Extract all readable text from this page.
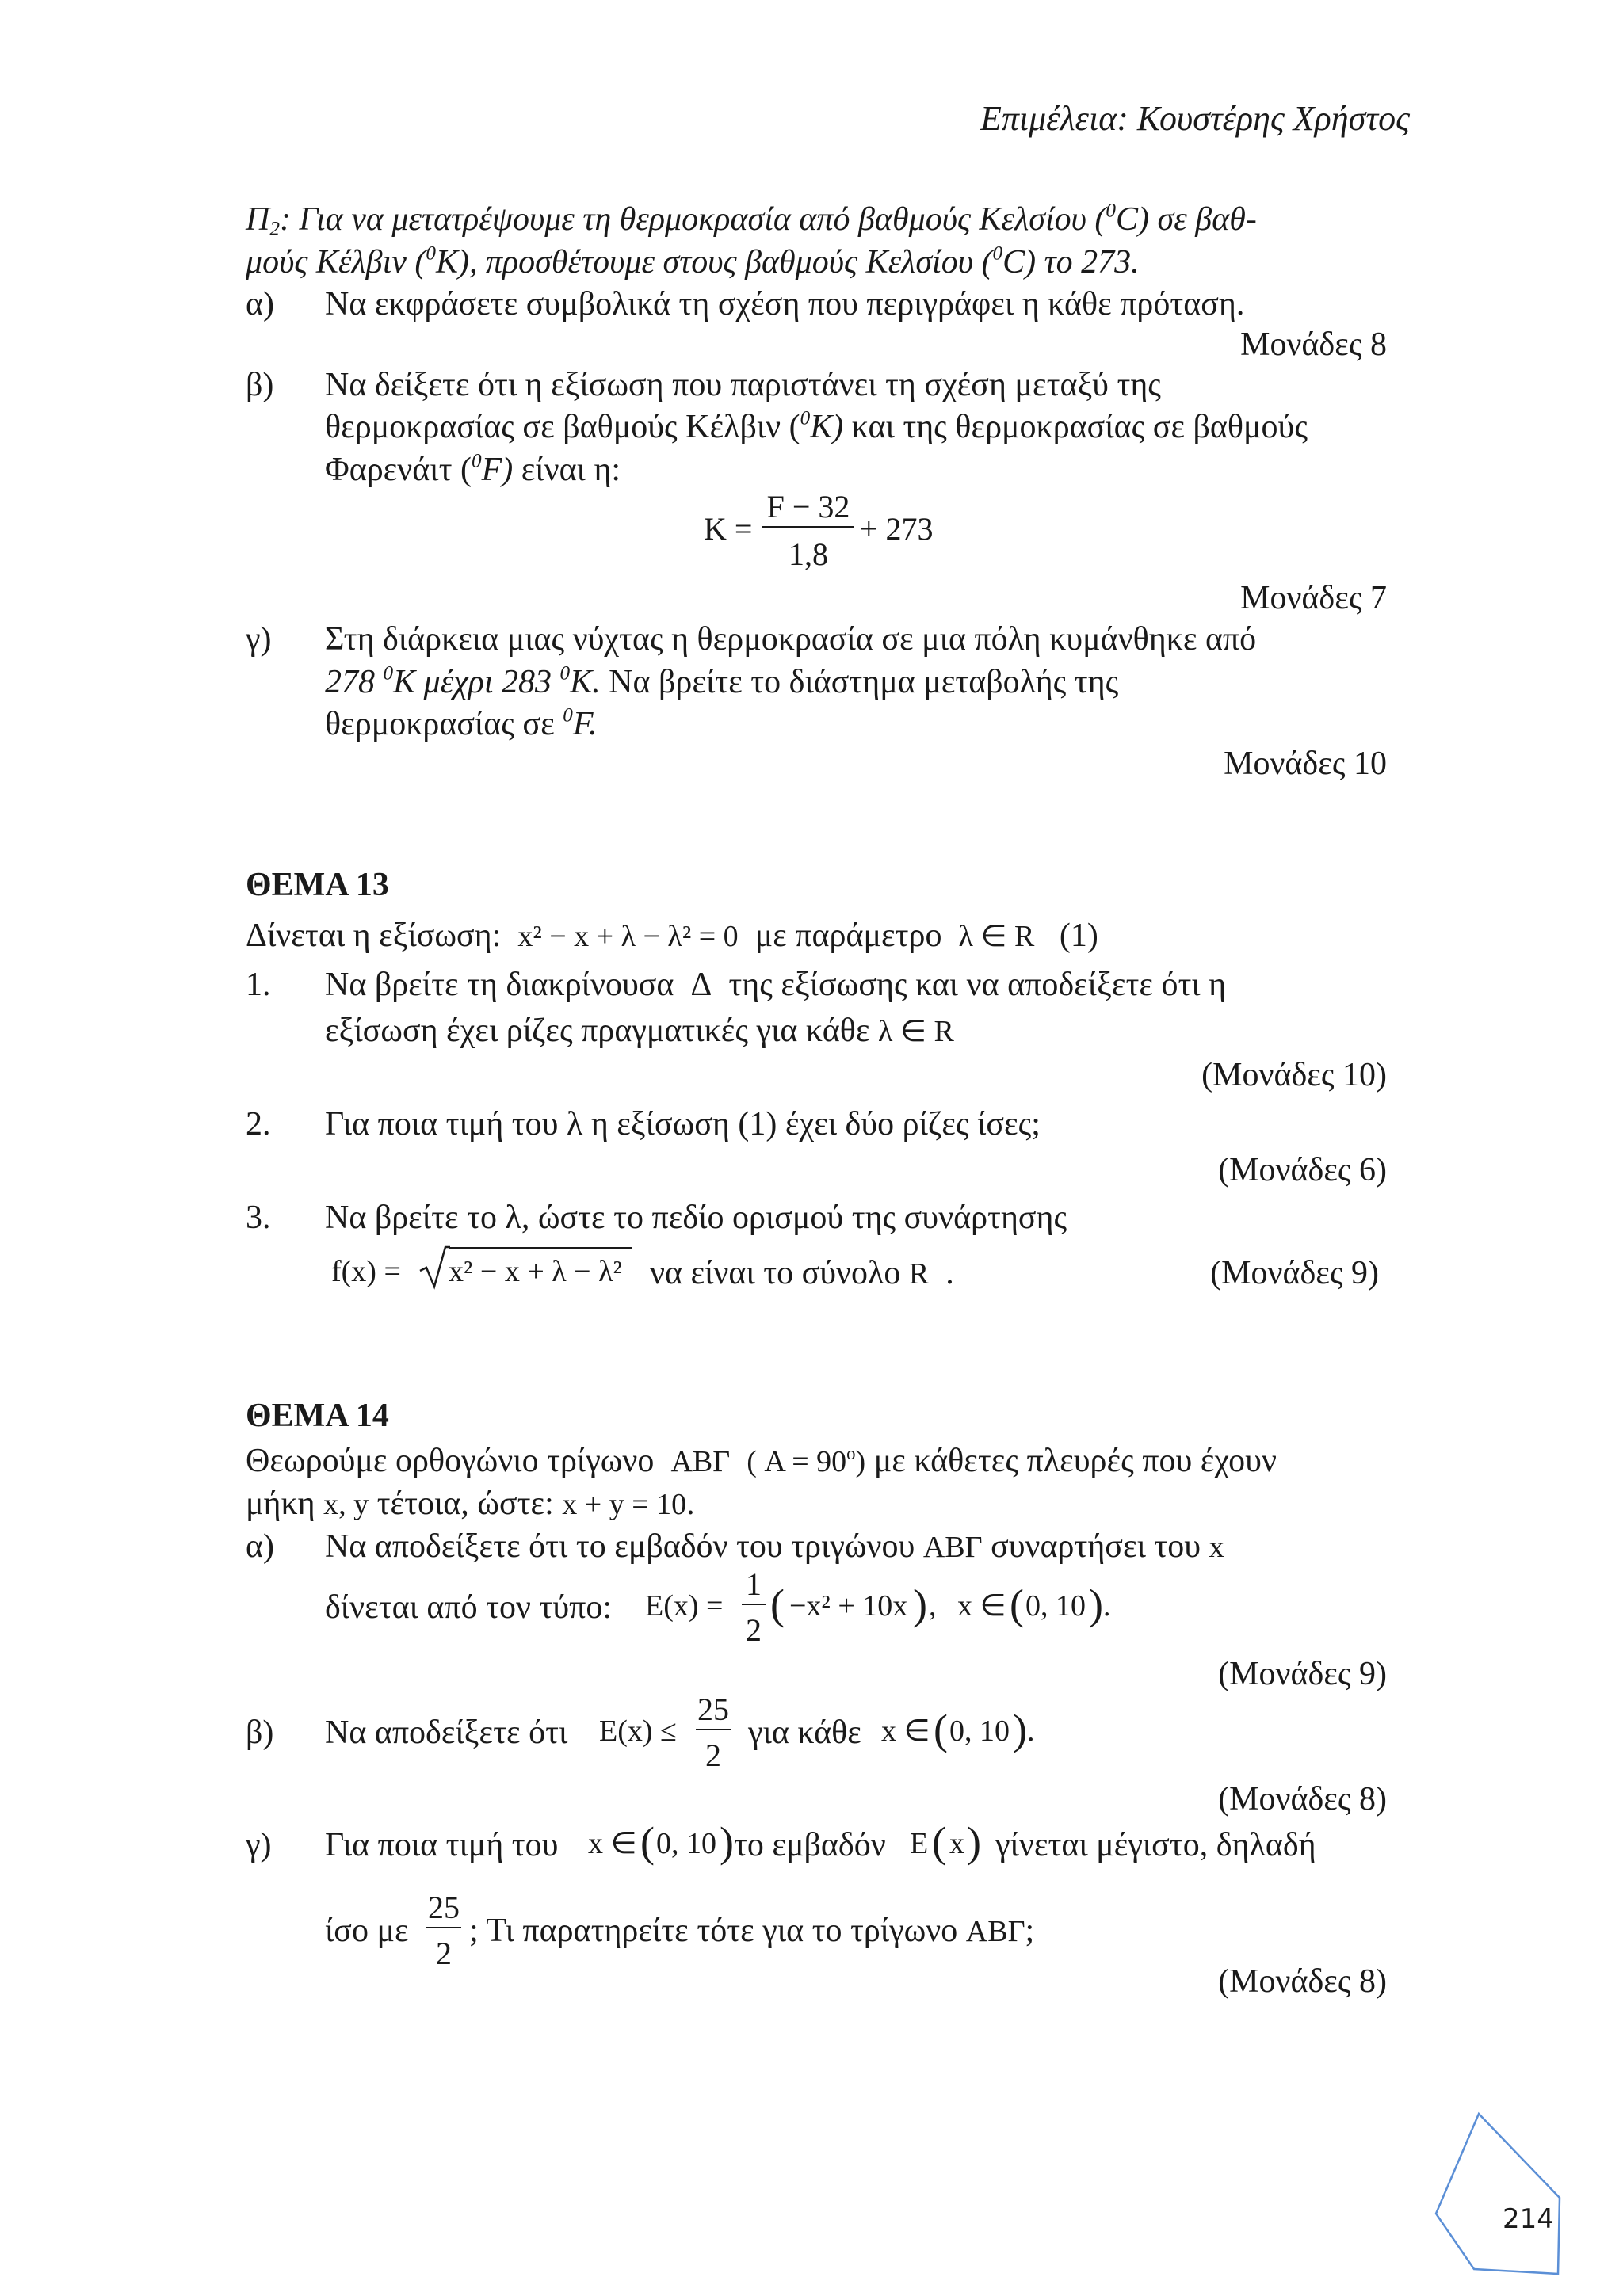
Επιμέλεια: Κουστέρης Χρήστος
$\Pi_2$: Για να μετατρέψουμε τη θερμοκρασία από βαθμούς Κελσίου ($^0$C) σε βαθ-
μούς Κέλβιν ($^0$K), προσθέτουμε στους βαθμούς Κελσίου ($^0$C) το 273.
α) Να εκφράσετε συμβολικά τη σχέση που περιγράφει η κάθε πρόταση.
Μονάδες 8
β) Να δείξετε ότι η εξίσωση που παριστάνει τη σχέση μεταξύ της
θερμοκρασίας σε βαθμούς Κέλβιν ($^0$K) και της θερμοκρασίας σε βαθμούς
Φαρενάιτ ($^0$F) είναι η:
K =
F − 32
1,8
+ 273
Μονάδες 7
γ) Στη διάρκεια μιας νύχτας η θερμοκρασία σε μια πόλη κυμάνθηκε από
278 $^0$K μέχρι 283 $^0$K. Να βρείτε το διάστημα μεταβολής της
θερμοκρασίας σε $^0$F.
Μονάδες 10
ΘΕΜΑ 13
Δίνεται η εξίσωση: x² − x + λ − λ² = 0 με παράμετρο λ ∈ R (1)
1. Να βρείτε τη διακρίνουσα Δ της εξίσωσης και να αποδείξετε ότι η
εξίσωση έχει ρίζες πραγματικές για κάθε λ ∈ R
(Μονάδες 10)
2. Για ποια τιμή του λ η εξίσωση (1) έχει δύο ρίζες ίσες;
(Μονάδες 6)
3. Να βρείτε το λ, ώστε το πεδίο ορισμού της συνάρτησης
f(x) = x² − x + λ − λ² να είναι το σύνολο R .	(Μονάδες 9)
ΘΕΜΑ 14
Θεωρούμε ορθογώνιο τρίγωνο ΑΒΓ ( $A = 90^o$) με κάθετες πλευρές που έχουν
μήκη x, y τέτοια, ώστε: x + y = 10.
α) Να αποδείξετε ότι το εμβαδόν του τριγώνου ΑΒΓ συναρτήσει του x
δίνεται από τον τύπο: E(x) =
1
2
( −x² + 10x ) , x ∈ ( 0, 10 ) .
(Μονάδες 9)
β) Να αποδείξετε ότι E(x) ≤
25
2
για κάθε x ∈ ( 0, 10 ) .
(Μονάδες 8)
γ) Για ποια τιμή του x ∈ ( 0, 10 ) το εμβαδόν E ( x ) γίνεται μέγιστο, δηλαδή
ίσο με
25
2
; Τι παρατηρείτε τότε για το τρίγωνο ΑΒΓ;
(Μονάδες 8)
214
